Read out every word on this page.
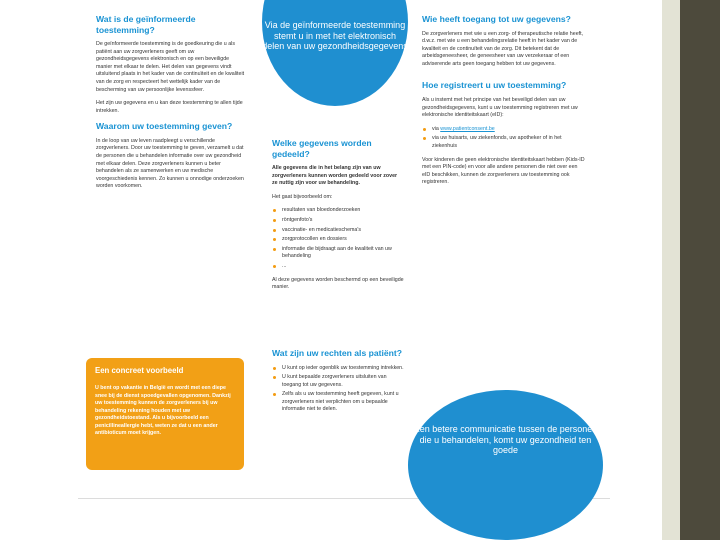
Wat is de geïnformeerde toestemming?
De geïnformeerde toestemming is de goedkeuring die u als patiënt aan uw zorgverleners geeft om uw gezondheidsgegevens elektronisch en op een beveiligde manier met elkaar te delen. Het delen van gegevens vindt uitsluitend plaats in het kader van de continuïteit en de kwaliteit van de zorg en respecteert het wettelijk kader van de bescherming van uw persoonlijke levenssfeer.
Het zijn uw gegevens en u kan deze toestemming te allen tijde intrekken.
Waarom uw toestemming geven?
In de loop van uw leven raadpleegt u verschillende zorgverleners. Door uw toestemming te geven, verzamelt u dat de personen die u behandelen informatie over uw gezondheid met elkaar delen. Deze zorgverleners kunnen u beter behandelen als ze samenwerken en uw medische voorgeschiedenis kennen. Zo kunnen u onnodige onderzoeken worden voorkomen.
Via de geïnformeerde toestemming stemt u in met het elektronisch delen van uw gezondheidsgegevens
Welke gegevens worden gedeeld?
Alle gegevens die in het belang zijn van uw zorgverleners kunnen worden gedeeld voor zover ze nuttig zijn voor uw behandeling.
Het gaat bijvoorbeeld om:
resultaten van bloedonderzoeken
röntgenfoto's
vaccinatie- en medicatieschema's
zorgprotocollen en dossiers
informatie die bijdraagt aan de kwaliteit van uw behandeling
...
Al deze gegevens worden beschermd op een beveiligde manier.
Wat zijn uw rechten als patiënt?
U kunt op ieder ogenblik uw toestemming intrekken.
U kunt bepaalde zorgverleners uitsluiten van toegang tot uw gegevens.
Zelfs als u uw toestemming heeft gegeven, kunt u zorgverleners niet verplichten om u bepaalde informatie niet te delen.
Wie heeft toegang tot uw gegevens?
De zorgverleners met wie u een zorg- of therapeutische relatie heeft, d.w.z. met wie u een behandelingsrelatie heeft in het kader van de kwaliteit en de continuïteit van de zorg. Dit betekent dat de arbeidsgeneesheer, de geneesheer van uw verzekeraar of een adviserende arts geen toegang hebben tot uw gegevens.
Hoe registreert u uw toestemming?
Als u instemt met het principe van het beveiligd delen van uw gezondheidsgegevens, kunt u uw toestemming registreren met uw elektronische identiteitskaart (eID):
via www.patientconsent.be
via uw huisarts, uw ziekenfonds, uw apotheker of in het ziekenhuis
Voor kinderen die geen elektronische identiteitskaart hebben (Kids-ID met een PIN-code) en voor alle andere personen die niet over een eID beschikken, kunnen de zorgverleners uw toestemming ook registreren.
Een concreet voorbeeld
U bent op vakantie in België en wordt met een diepe snee bij de dienst spoedgevallen opgenomen. Dankzij uw toestemming kunnen de zorgverleners bij uw behandeling rekening houden met uw gezondheidstoestand. Als u bijvoorbeeld een penicillineallergie hebt, weten ze dat u een ander antibioticum moet krijgen.	Een betere communicatie tussen de personen die u behandelen, komt uw gezondheid ten goede
